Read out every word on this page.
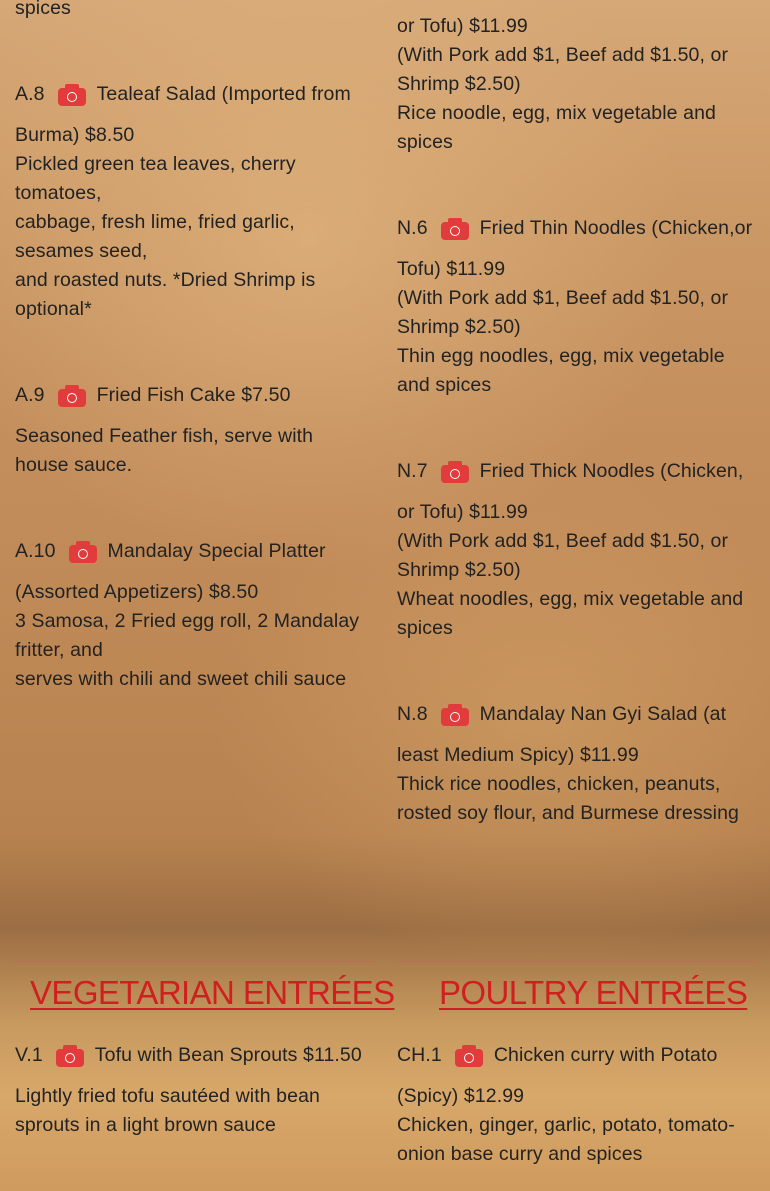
spices
A.8	Tealeaf Salad (Imported from
Burma) $8.50
Pickled green tea leaves, cherry
tomatoes,
cabbage, fresh lime, fried garlic,
sesames seed,
and roasted nuts. *Dried Shrimp is
optional*
A.9	Fried Fish Cake $7.50
Seasoned Feather fish, serve with
house sauce.
A.10	Mandalay Special Platter
(Assorted Appetizers) $8.50
3 Samosa, 2 Fried egg roll, 2 Mandalay
fritter, and
serves with chili and sweet chili sauce
VEGETARIAN ENTRÉES
V.1	Tofu with Bean Sprouts $11.50
Lightly fried tofu sautéed with bean
sprouts in a light brown sauce
or Tofu) $11.99
(With Pork add $1, Beef add $1.50, or
Shrimp $2.50)
Rice noodle, egg, mix vegetable and
spices
N.6	Fried Thin Noodles (Chicken,or
Tofu) $11.99
(With Pork add $1, Beef add $1.50, or
Shrimp $2.50)
Thin egg noodles, egg, mix vegetable
and spices
N.7	Fried Thick Noodles (Chicken,
or Tofu) $11.99
(With Pork add $1, Beef add $1.50, or
Shrimp $2.50)
Wheat noodles, egg, mix vegetable and
spices
N.8	Mandalay Nan Gyi Salad (at
least Medium Spicy) $11.99
Thick rice noodles, chicken, peanuts,
rosted soy flour, and Burmese dressing
POULTRY ENTRÉES
CH.1	Chicken curry with Potato
(Spicy) $12.99
Chicken, ginger, garlic, potato, tomato-
onion base curry and spices
